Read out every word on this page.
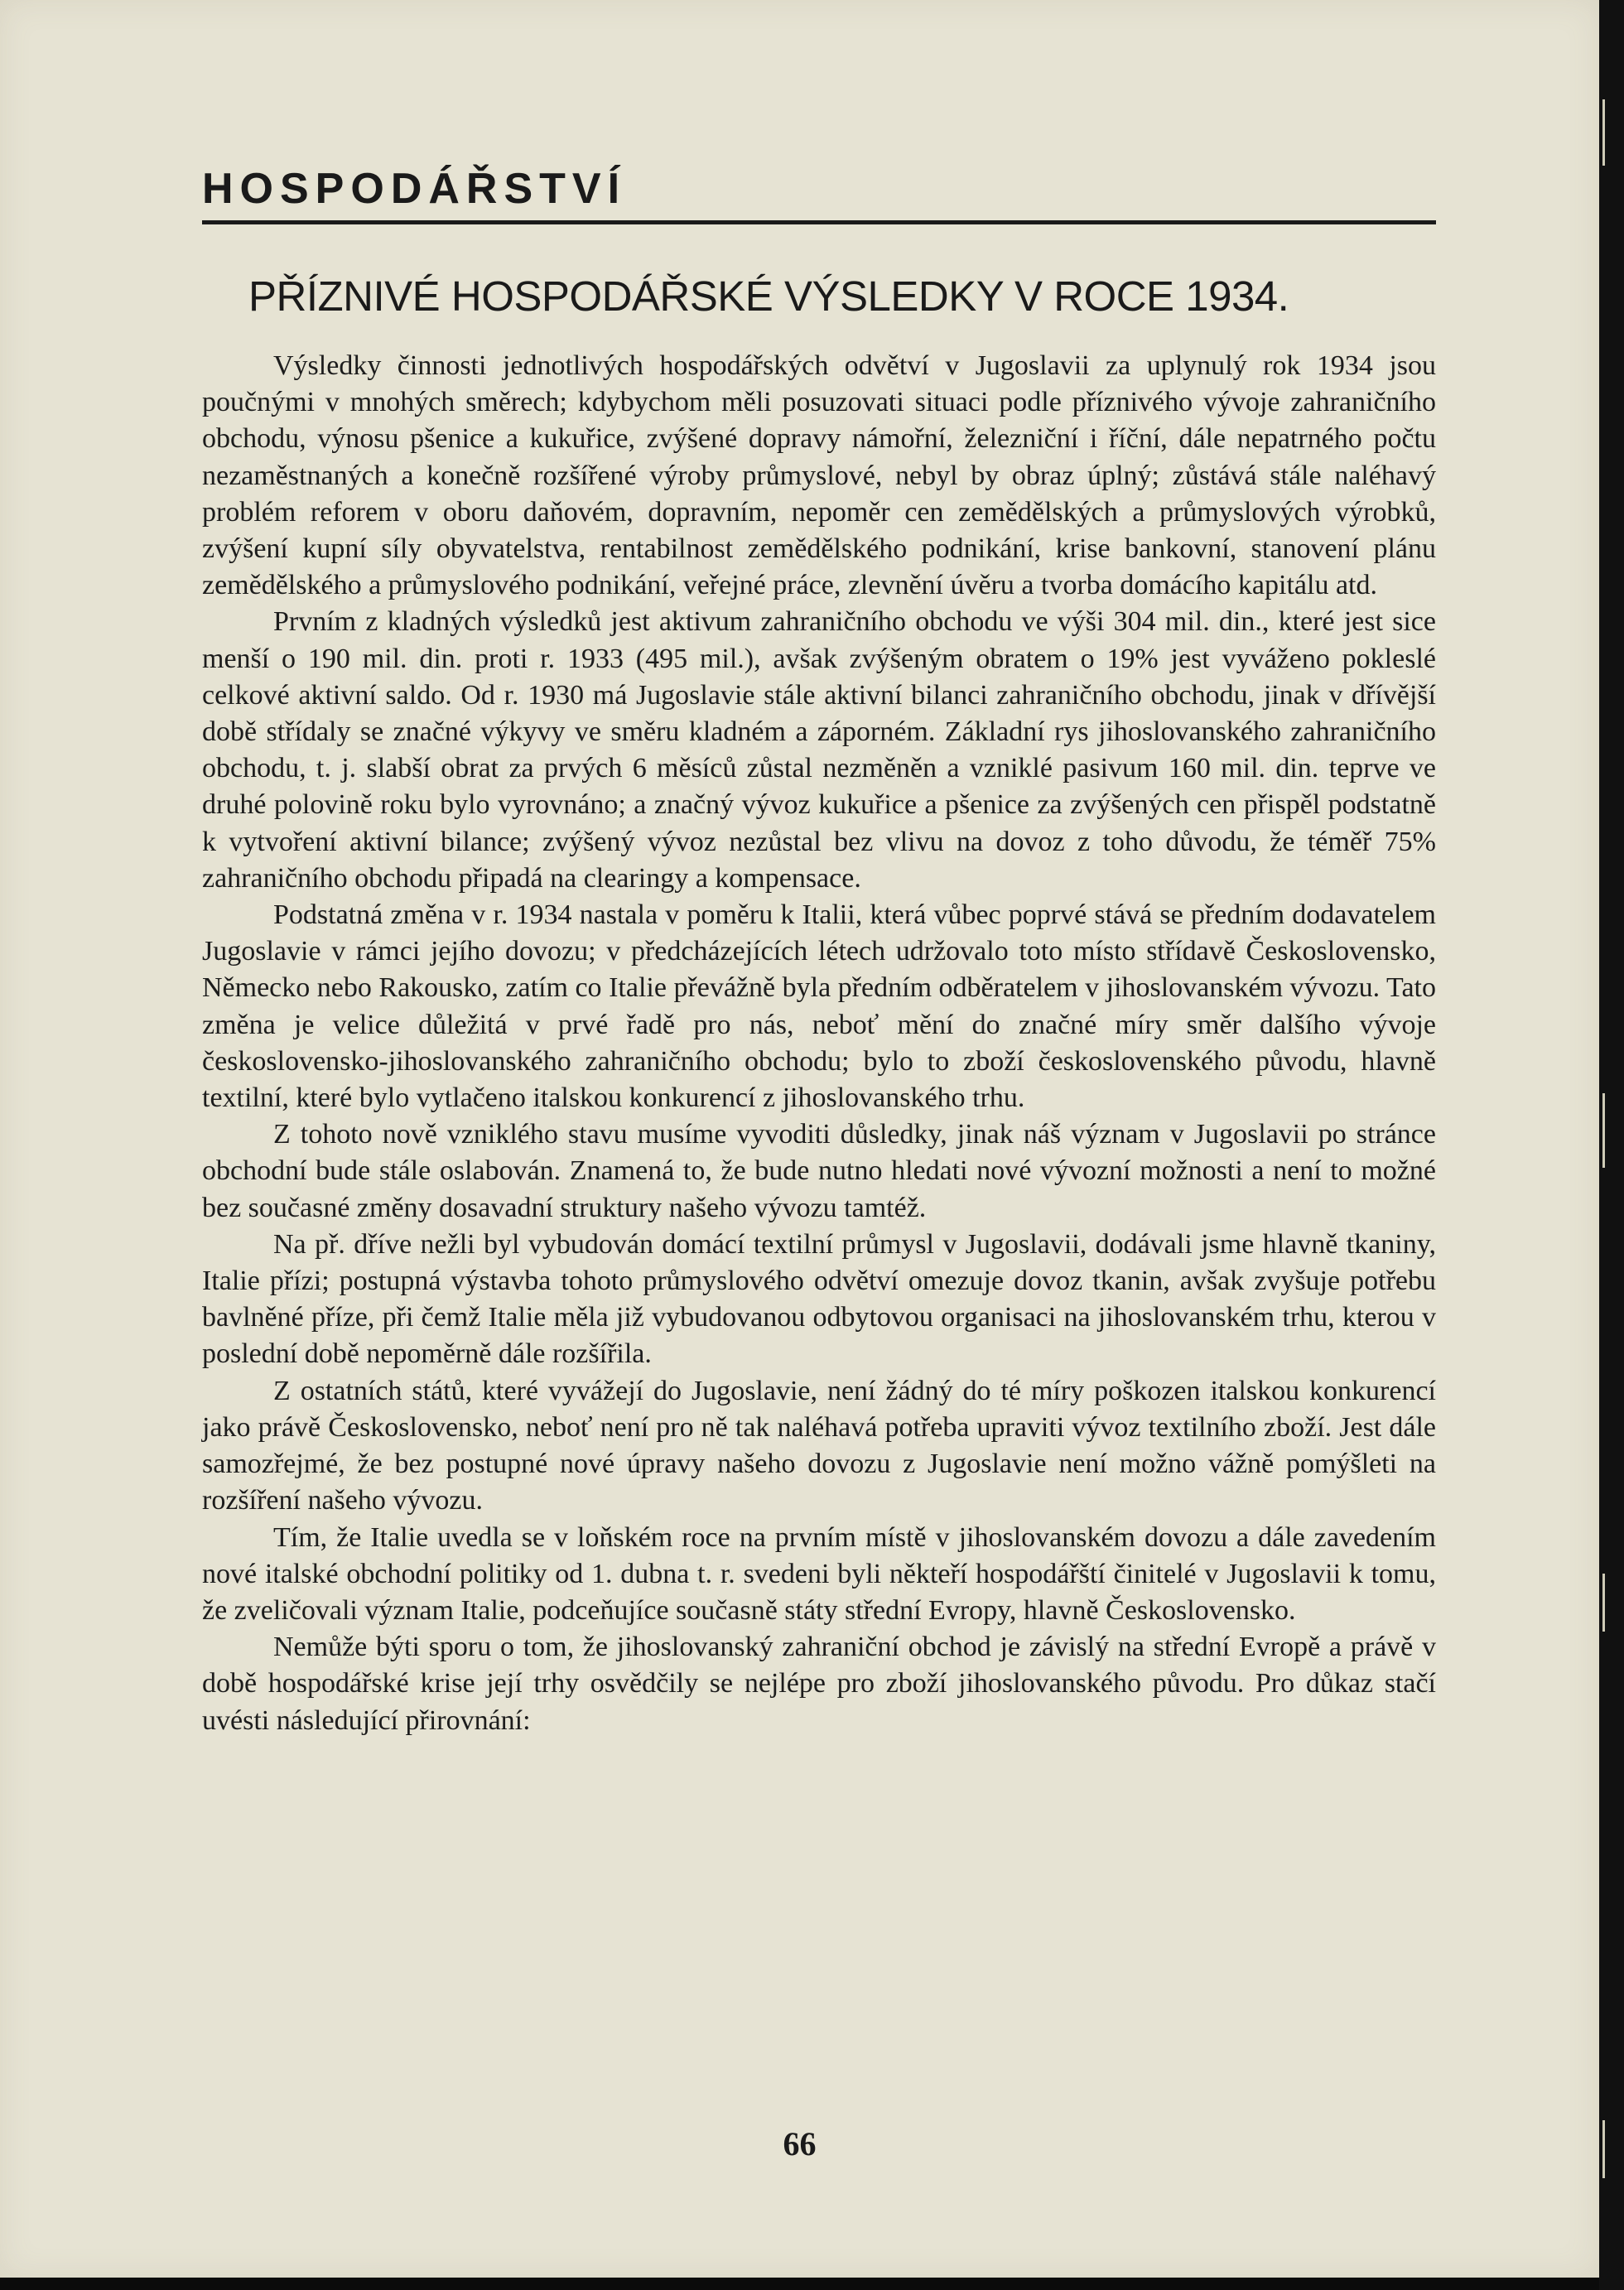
HOSPODÁŘSTVÍ
PŘÍZNIVÉ HOSPODÁŘSKÉ VÝSLEDKY V ROCE 1934.

Výsledky činnosti jednotlivých hospodářských odvětví v Jugoslavii za uplynulý rok 1934 jsou poučnými v mnohých směrech; kdybychom měli posuzovati situaci podle příznivého vývoje zahraničního obchodu, výnosu pšenice a kukuřice, zvýšené dopravy námořní, železniční i říční, dále nepatrného počtu nezaměstnaných a konečně rozšířené výroby průmyslové, nebyl by obraz úplný; zůstává stále naléhavý problém reforem v oboru daňovém, dopravním, nepoměr cen zemědělských a průmyslových výrobků, zvýšení kupní síly obyvatelstva, rentabilnost zemědělského podnikání, krise bankovní, stanovení plánu zemědělského a průmyslového podnikání, veřejné práce, zlevnění úvěru a tvorba domácího kapitálu atd.

Prvním z kladných výsledků jest aktivum zahraničního obchodu ve výši 304 mil. din., které jest sice menší o 190 mil. din. proti r. 1933 (495 mil.), avšak zvýšeným obratem o 19% jest vyváženo pokleslé celkové aktivní saldo. Od r. 1930 má Jugoslavie stále aktivní bilanci zahraničního obchodu, jinak v dřívější době střídaly se značné výkyvy ve směru kladném a záporném. Základní rys jihoslovanského zahraničního obchodu, t. j. slabší obrat za prvých 6 měsíců zůstal nezměněn a vzniklé pasivum 160 mil. din. teprve ve druhé polovině roku bylo vyrovnáno; a značný vývoz kukuřice a pšenice za zvýšených cen přispěl podstatně k vytvoření aktivní bilance; zvýšený vývoz nezůstal bez vlivu na dovoz z toho důvodu, že téměř 75% zahraničního obchodu připadá na clearingy a kompensace.

Podstatná změna v r. 1934 nastala v poměru k Italii, která vůbec poprvé stává se předním dodavatelem Jugoslavie v rámci jejího dovozu; v předcházejících létech udržovalo toto místo střídavě Československo, Německo nebo Rakousko, zatím co Italie převážně byla předním odběratelem v jihoslovanském vývozu. Tato změna je velice důležitá v prvé řadě pro nás, neboť mění do značné míry směr dalšího vývoje československo-jihoslovanského zahraničního obchodu; bylo to zboží československého původu, hlavně textilní, které bylo vytlačeno italskou konkurencí z jihoslovanského trhu.

Z tohoto nově vzniklého stavu musíme vyvoditi důsledky, jinak náš význam v Jugoslavii po stránce obchodní bude stále oslabován. Znamená to, že bude nutno hledati nové vývozní možnosti a není to možné bez současné změny dosavadní struktury našeho vývozu tamtéž.

Na př. dříve nežli byl vybudován domácí textilní průmysl v Jugoslavii, dodávali jsme hlavně tkaniny, Italie přízi; postupná výstavba tohoto průmyslového odvětví omezuje dovoz tkanin, avšak zvyšuje potřebu bavlněné příze, při čemž Italie měla již vybudovanou odbytovou organisaci na jihoslovanském trhu, kterou v poslední době nepoměrně dále rozšířila.

Z ostatních států, které vyvážejí do Jugoslavie, není žádný do té míry poškozen italskou konkurencí jako právě Československo, neboť není pro ně tak naléhavá potřeba upraviti vývoz textilního zboží. Jest dále samozřejmé, že bez postupné nové úpravy našeho dovozu z Jugoslavie není možno vážně pomýšleti na rozšíření našeho vývozu.

Tím, že Italie uvedla se v loňském roce na prvním místě v jihoslovanském dovozu a dále zavedením nové italské obchodní politiky od 1. dubna t. r. svedeni byli někteří hospodářští činitelé v Jugoslavii k tomu, že zveličovali význam Italie, podceňujíce současně státy střední Evropy, hlavně Československo.

Nemůže býti sporu o tom, že jihoslovanský zahraniční obchod je závislý na střední Evropě a právě v době hospodářské krise její trhy osvědčily se nejlépe pro zboží jihoslovanského původu. Pro důkaz stačí uvésti následující přirovnání:

66
